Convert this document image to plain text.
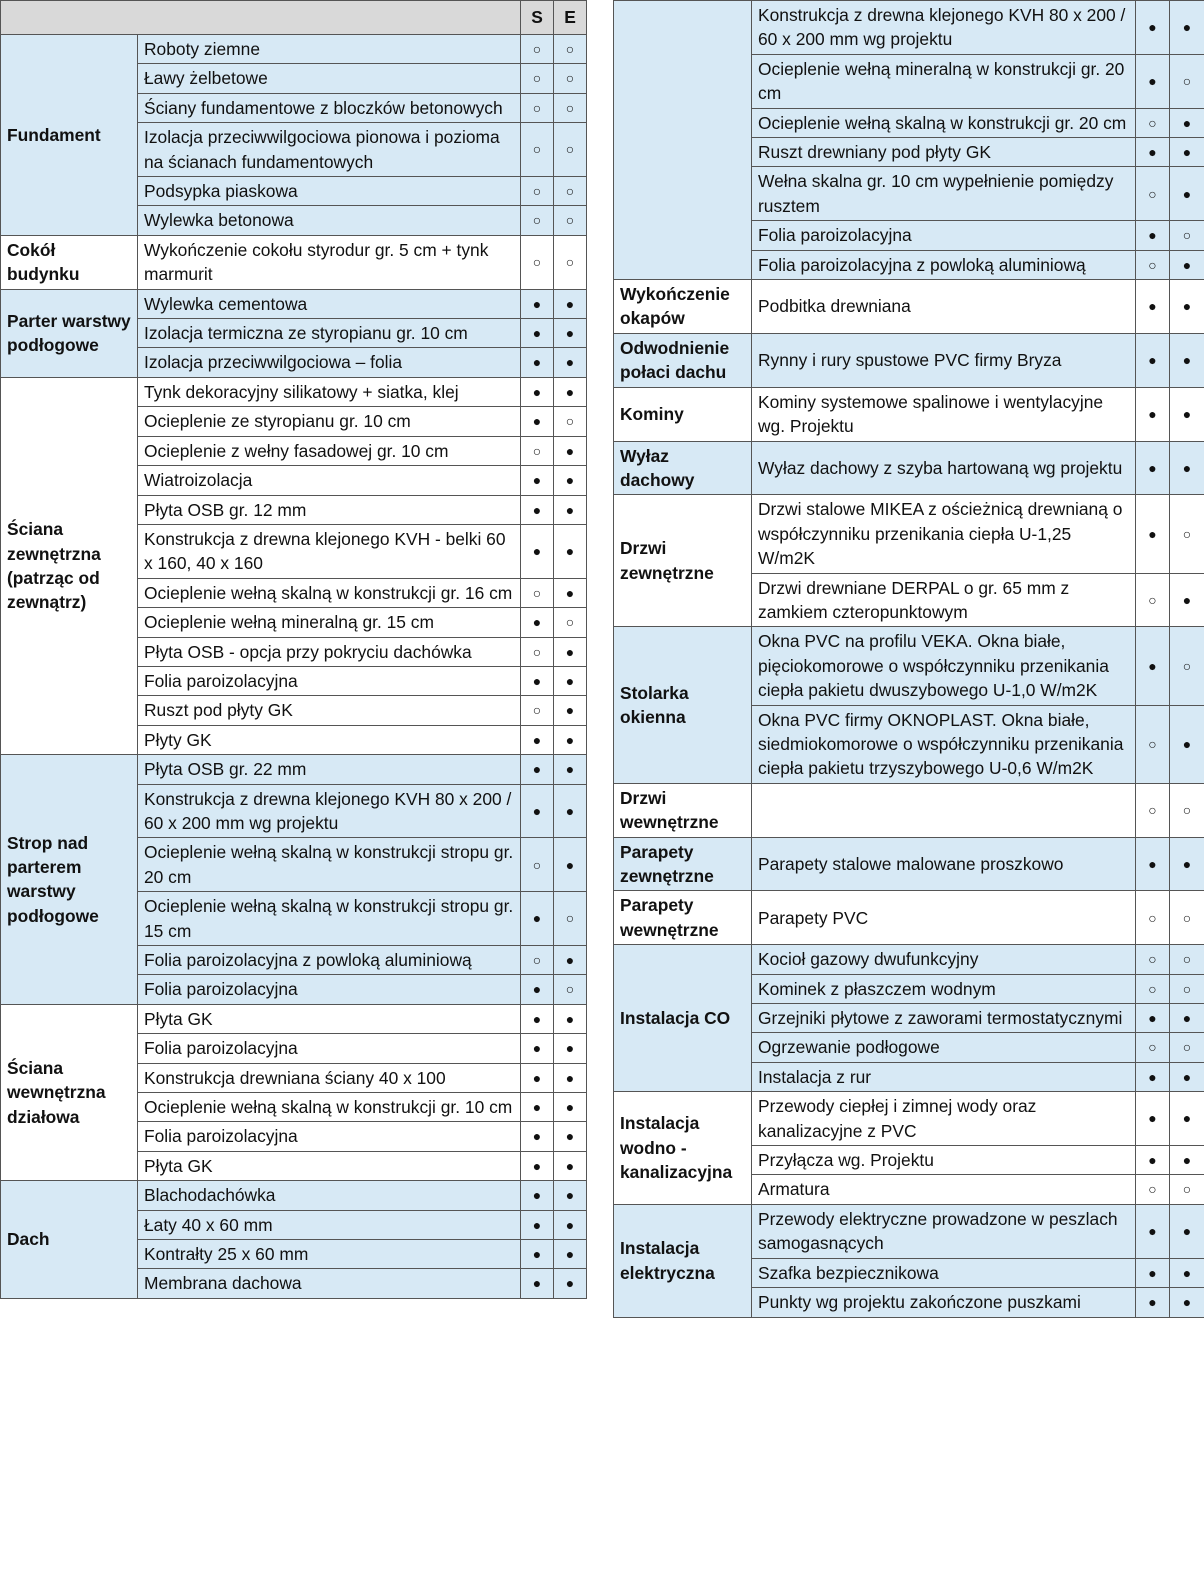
		S	E
Fundament	Roboty ziemne	○	○
	Ławy żelbetowe	○	○
	Ściany fundamentowe z bloczków betonowych	○	○
	Izolacja przeciwwilgociowa pionowa i pozioma na ścianach fundamentowych	○	○
	Podsypka piaskowa	○	○
	Wylewka betonowa	○	○
Cokół budynku	Wykończenie cokołu styrodur gr. 5 cm + tynk marmurit	○	○
Parter warstwy podłogowe	Wylewka cementowa	●	●
	Izolacja termiczna ze styropianu gr. 10 cm	●	●
	Izolacja przeciwwilgociowa – folia	●	●
Ściana zewnętrzna (patrząc od zewnątrz)	Tynk dekoracyjny silikatowy + siatka, klej	●	●
	Ocieplenie ze styropianu gr. 10 cm	●	○
	Ocieplenie z wełny fasadowej gr. 10 cm	○	●
	Wiatroizolacja	●	●
	Płyta OSB gr. 12 mm	●	●
	Konstrukcja z drewna klejonego KVH - belki 60 x 160, 40 x 160	●	●
	Ocieplenie wełną skalną w konstrukcji gr. 16 cm	○	●
	Ocieplenie wełną mineralną gr. 15 cm	●	○
	Płyta OSB - opcja przy pokryciu dachówka	○	●
	Folia paroizolacyjna	●	●
	Ruszt pod płyty GK	○	●
	Płyty GK	●	●
Strop nad parterem warstwy podłogowe	Płyta OSB gr. 22 mm	●	●
	Konstrukcja z drewna klejonego KVH 80 x 200 / 60 x 200 mm wg projektu	●	●
	Ocieplenie wełną skalną w konstrukcji stropu gr. 20 cm	○	●
	Ocieplenie wełną skalną w konstrukcji stropu gr. 15 cm	●	○
	Folia paroizolacyjna z powloką aluminiową	○	●
	Folia paroizolacyjna	●	○
Ściana wewnętrzna działowa	Płyta GK	●	●
	Folia paroizolacyjna	●	●
	Konstrukcja drewniana ściany 40 x 100	●	●
	Ocieplenie wełną skalną w konstrukcji gr. 10 cm	●	●
	Folia paroizolacyjna	●	●
	Płyta GK	●	●
Dach	Blachodachówka	●	●
	Łaty 40 x 60 mm	●	●
	Kontrałty 25 x 60 mm	●	●
	Membrana dachowa	●	●
	Konstrukcja z drewna klejonego KVH 80 x 200 / 60 x 200 mm wg projektu	●	●
	Ocieplenie wełną mineralną w konstrukcji gr. 20 cm	●	○
	Ocieplenie wełną skalną w konstrukcji gr. 20 cm	○	●
	Ruszt drewniany pod płyty GK	●	●
	Wełna skalna gr. 10 cm wypełnienie pomiędzy rusztem	○	●
	Folia paroizolacyjna	●	○
	Folia paroizolacyjna z powloką aluminiową	○	●
Wykończenie okapów	Podbitka drewniana	●	●
Odwodnienie połaci dachu	Rynny i rury spustowe PVC firmy Bryza	●	●
Kominy	Kominy systemowe spalinowe i wentylacyjne wg. Projektu	●	●
Wyłaz dachowy	Wyłaz dachowy z szyba hartowaną wg projektu	●	●
Drzwi zewnętrzne	Drzwi stalowe MIKEA z ościeżnicą drewnianą o współczynniku przenikania ciepła U-1,25 W/m2K	●	○
	Drzwi drewniane DERPAL o gr. 65 mm z zamkiem czteropunktowym	○	●
Stolarka okienna	Okna PVC na profilu VEKA. Okna białe, pięciokomorowe o współczynniku przenikania ciepła pakietu dwuszybowego U-1,0 W/m2K	●	○
	Okna PVC firmy OKNOPLAST. Okna białe, siedmiokomorowe o współczynniku przenikania ciepła pakietu trzyszybowego U-0,6 W/m2K	○	●
Drzwi wewnętrzne		○	○
Parapety zewnętrzne	Parapety stalowe malowane proszkowo	●	●
Parapety wewnętrzne	Parapety PVC	○	○
Instalacja CO	Kocioł gazowy dwufunkcyjny	○	○
	Kominek z płaszczem wodnym	○	○
	Grzejniki płytowe z zaworami termostatycznymi	●	●
	Ogrzewanie podłogowe	○	○
	Instalacja z rur	●	●
Instalacja wodno - kanalizacyjna	Przewody ciepłej i zimnej wody oraz kanalizacyjne z PVC	●	●
	Przyłącza wg. Projektu	●	●
	Armatura	○	○
Instalacja elektryczna	Przewody elektryczne prowadzone w peszlach samogasnących	●	●
	Szafka bezpiecznikowa	●	●
	Punkty wg projektu zakończone puszkami	●	●
